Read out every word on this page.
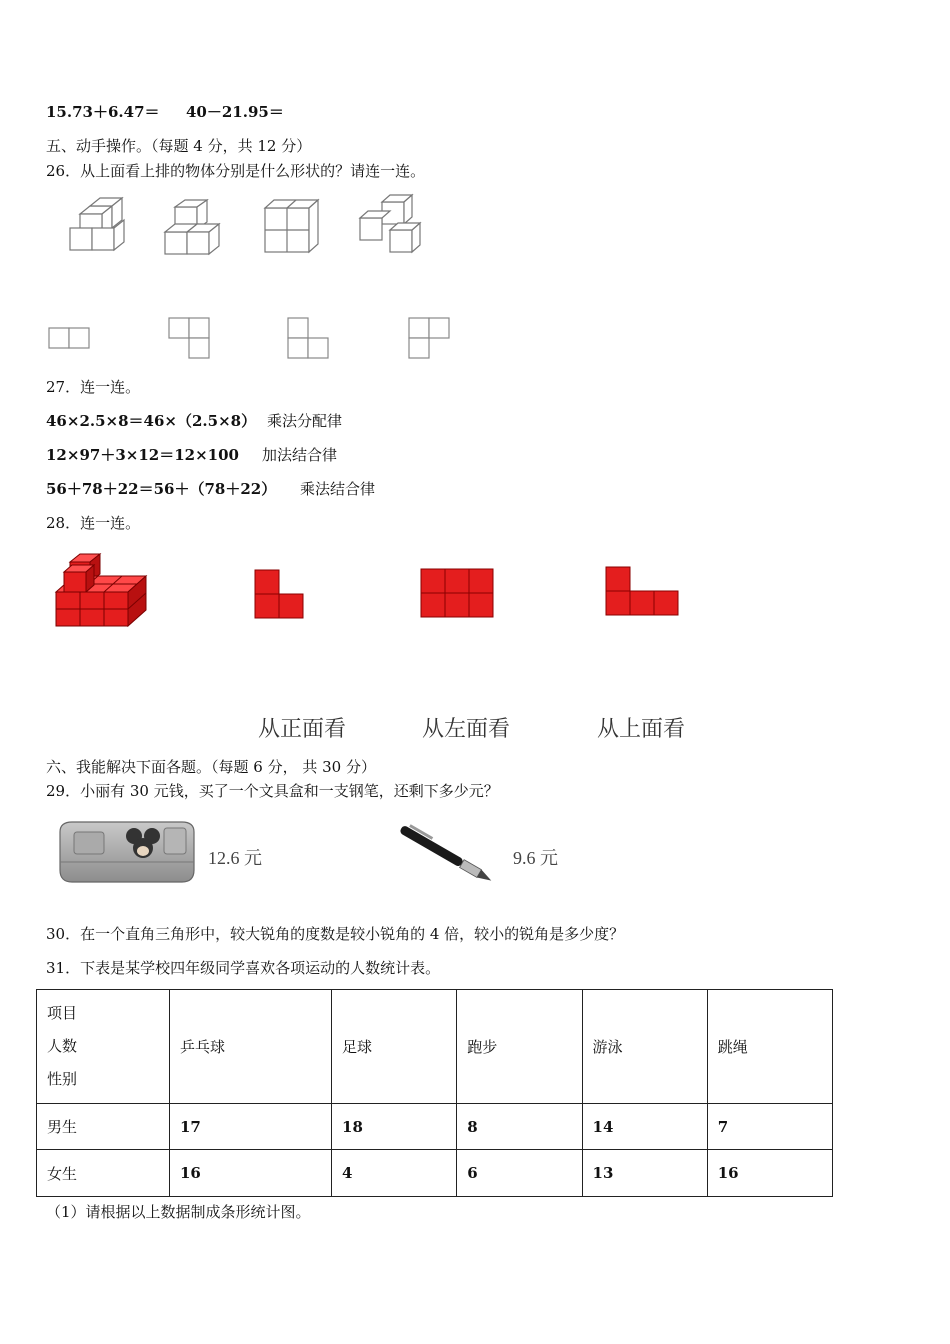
15.73＋6.47＝ 40－21.95＝
五、动手操作。（每题 4 分，共 12 分）
26．从上面看上排的物体分别是什么形状的？请连一连。
27．连一连。
46×2.5×8＝46×（2.5×8） 乘法分配律
12×97＋3×12＝12×100 加法结合律
56＋78＋22＝56＋（78＋22） 乘法结合律
28．连一连。
从正面看	从左面看	从上面看
六、我能解决下面各题。（每题 6 分， 共 30 分）
29．小丽有 30 元钱，买了一个文具盒和一支钢笔，还剩下多少元？
12.6 元	9.6 元
30．在一个直角三角形中，较大锐角的度数是较小锐角的 4 倍，较小的锐角是多少度？
31．下表是某学校四年级同学喜欢各项运动的人数统计表。
项目
人数
性别	乒乓球	足球	跑步	游泳	跳绳
男生	17	18	8	14	7
女生	16	4	6	13	16
（1）请根据以上数据制成条形统计图。
